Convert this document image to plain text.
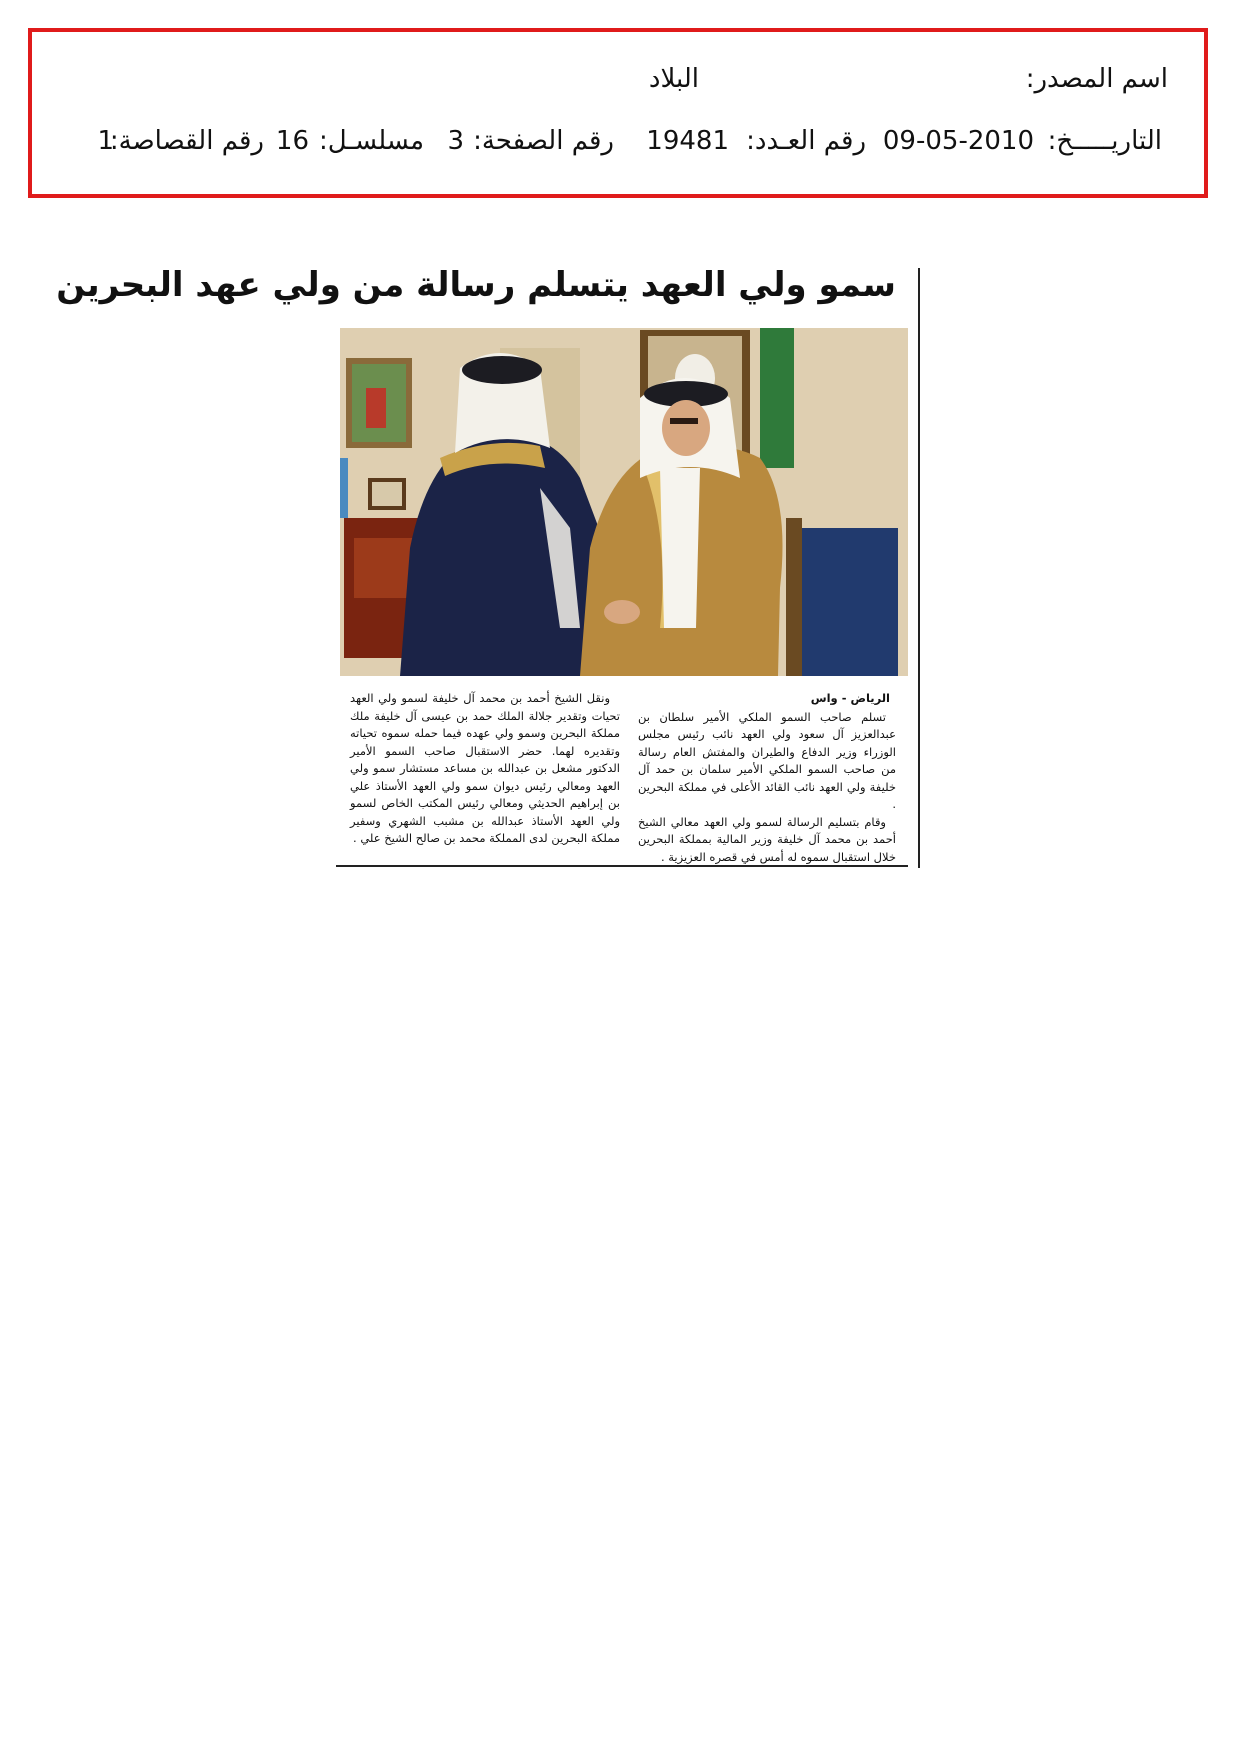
اسم المصدر:
البلاد
التاريـــــخ:
09-05-2010
رقم العـدد:
19481
رقم الصفحة:
3
مسلسـل:
16
رقم القصاصة:
1
سمو ولي العهد يتسلم رسالة من ولي عهد البحرين
الرياض - واس
تسلم صاحب السمو الملكي الأمير سلطان بن عبدالعزيز آل سعود ولي العهد نائب رئيس مجلس الوزراء وزير الدفاع والطيران والمفتش العام رسالة من صاحب السمو الملكي الأمير سلمان بن حمد آل خليفة ولي العهد نائب القائد الأعلى في مملكة البحرين .
وقام بتسليم الرسالة لسمو ولي العهد معالي الشيخ أحمد بن محمد آل خليفة وزير المالية بمملكة البحرين خلال استقبال سموه له أمس في قصره العزيزية .
ونقل الشيخ أحمد بن محمد آل خليفة لسمو ولي العهد تحيات وتقدير جلالة الملك حمد بن عيسى آل خليفة ملك مملكة البحرين وسمو ولي عهده فيما حمله سموه تحياته وتقديره لهما. حضر الاستقبال صاحب السمو الأمير الدكتور مشعل بن عبدالله بن مساعد مستشار سمو ولي العهد ومعالي رئيس ديوان سمو ولي العهد الأستاذ علي بن إبراهيم الحديثي ومعالي رئيس المكتب الخاص لسمو ولي العهد الأستاذ عبدالله بن مشبب الشهري وسفير مملكة البحرين لدى المملكة محمد بن صالح الشيخ علي .
